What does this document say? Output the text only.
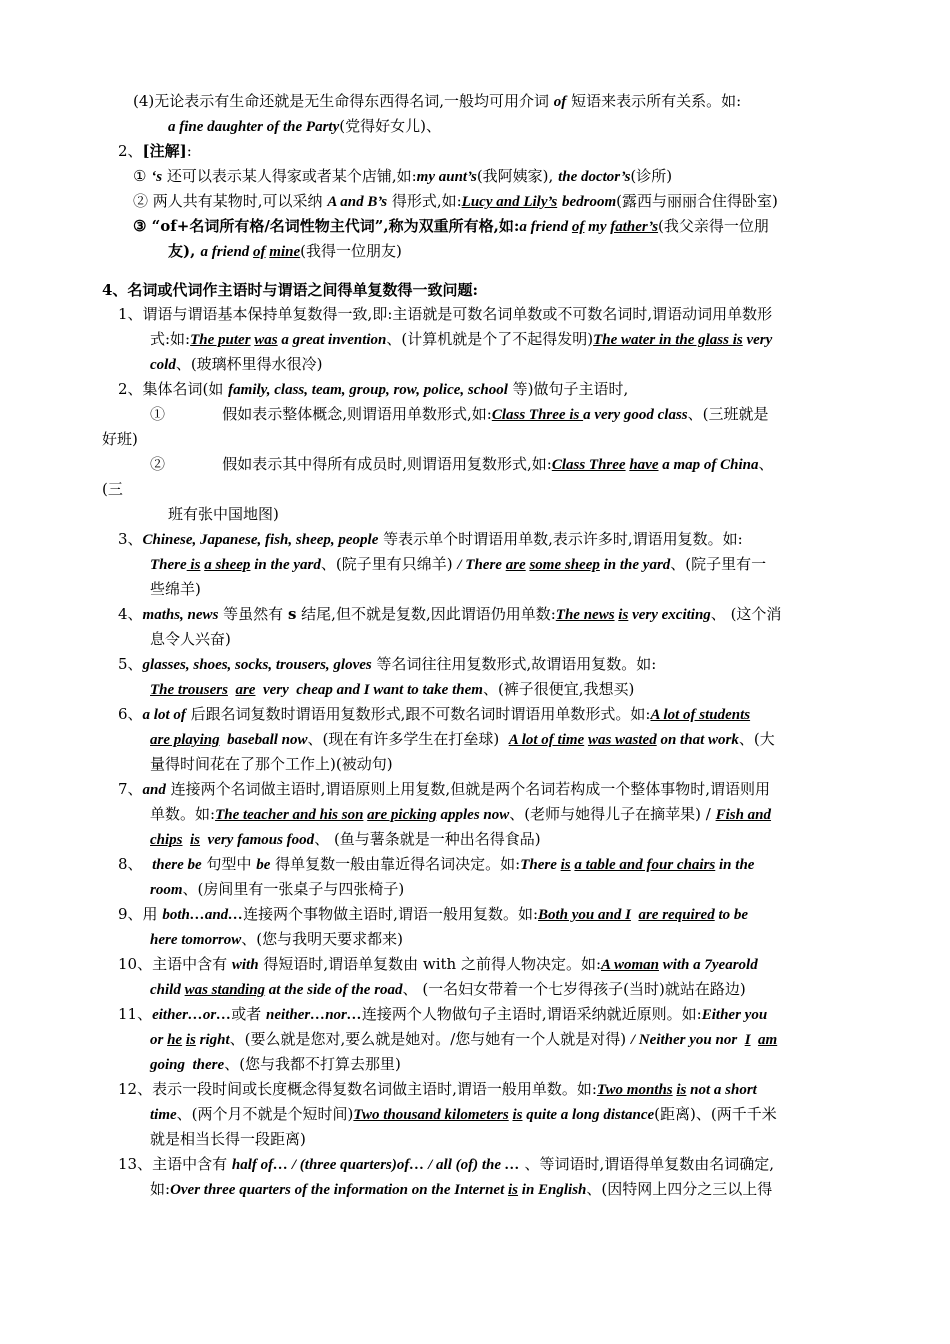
(4)无论表示有生命还就是无生命得东西得名词,一般均可用介词 of 短语来表示所有关系。如:
a fine daughter of the Party(党得好女儿)、
2、[注解]:
① ‘s 还可以表示某人得家或者某个店铺,如:my aunt’s(我阿姨家), the doctor’s(诊所)
② 两人共有某物时,可以采纳 A and B’s 得形式,如:Lucy and Lily’s bedroom(露西与丽丽合住得卧室)
③ “of+名词所有格/名词性物主代词”,称为双重所有格,如:a friend of my father’s(我父亲得一位朋
友), a friend of mine(我得一位朋友)
4、名词或代词作主语时与谓语之间得单复数得一致问题:
1、谓语与谓语基本保持单复数得一致,即:主语就是可数名词单数或不可数名词时,谓语动词用单数形
式:如:The puter was a great invention、(计算机就是个了不起得发明)The water in the glass is very
cold、(玻璃杯里得水很冷)
2、集体名词(如 family, class, team, group, row, police, school 等)做句子主语时,
①            假如表示整体概念,则谓语用单数形式,如:Class Three is a very good class、(三班就是
好班)
②            假如表示其中得所有成员时,则谓语用复数形式,如:Class Three have a map of China、
(三
班有张中国地图)
3、Chinese, Japanese, fish, sheep, people 等表示单个时谓语用单数,表示许多时,谓语用复数。如:
There is a sheep in the yard、(院子里有只绵羊) / There are some sheep in the yard、(院子里有一
些绵羊)
4、maths, news 等虽然有 s 结尾,但不就是复数,因此谓语仍用单数:The news is very exciting、 (这个消
息令人兴奋)
5、glasses, shoes, socks, trousers, gloves 等名词往往用复数形式,故谓语用复数。如:
The trousers are  very  cheap and I want to take them、(裤子很便宜,我想买)
6、a lot of 后跟名词复数时谓语用复数形式,跟不可数名词时谓语用单数形式。如:A lot of students
are playing  baseball now、(现在有许多学生在打垒球)  A lot of time was wasted on that work、(大
量得时间花在了那个工作上)(被动句)
7、and 连接两个名词做主语时,谓语原则上用复数,但就是两个名词若构成一个整体事物时,谓语则用
单数。如:The teacher and his son are picking apples now、(老师与她得儿子在摘苹果) / Fish and
chips is  very famous food、 (鱼与薯条就是一种出名得食品)
8、  there be 句型中 be 得单复数一般由靠近得名词决定。如:There is a table and four chairs in the
room、(房间里有一张桌子与四张椅子)
9、用 both…and…连接两个事物做主语时,谓语一般用复数。如:Both you and I are required to be
here tomorrow、(您与我明天要求都来)
10、主语中含有 with 得短语时,谓语单复数由 with 之前得人物决定。如:A woman with a 7yearold
child was standing at the side of the road、 (一名妇女带着一个七岁得孩子(当时)就站在路边)
11、either…or…或者 neither…nor…连接两个人物做句子主语时,谓语采纳就近原则。如:Either you
or he is right、(要么就是您对,要么就是她对。/您与她有一个人就是对得) / Neither you nor  I am
going  there、(您与我都不打算去那里)
12、表示一段时间或长度概念得复数名词做主语时,谓语一般用单数。如:Two months is not a short
time、(两个月不就是个短时间)Two thousand kilometers is quite a long distance(距离)、(两千千米
就是相当长得一段距离)
13、主语中含有 half of… / (three quarters)of… / all (of) the … 、等词语时,谓语得单复数由名词确定,
如:Over three quarters of the information on the Internet is in English、(因特网上四分之三以上得
